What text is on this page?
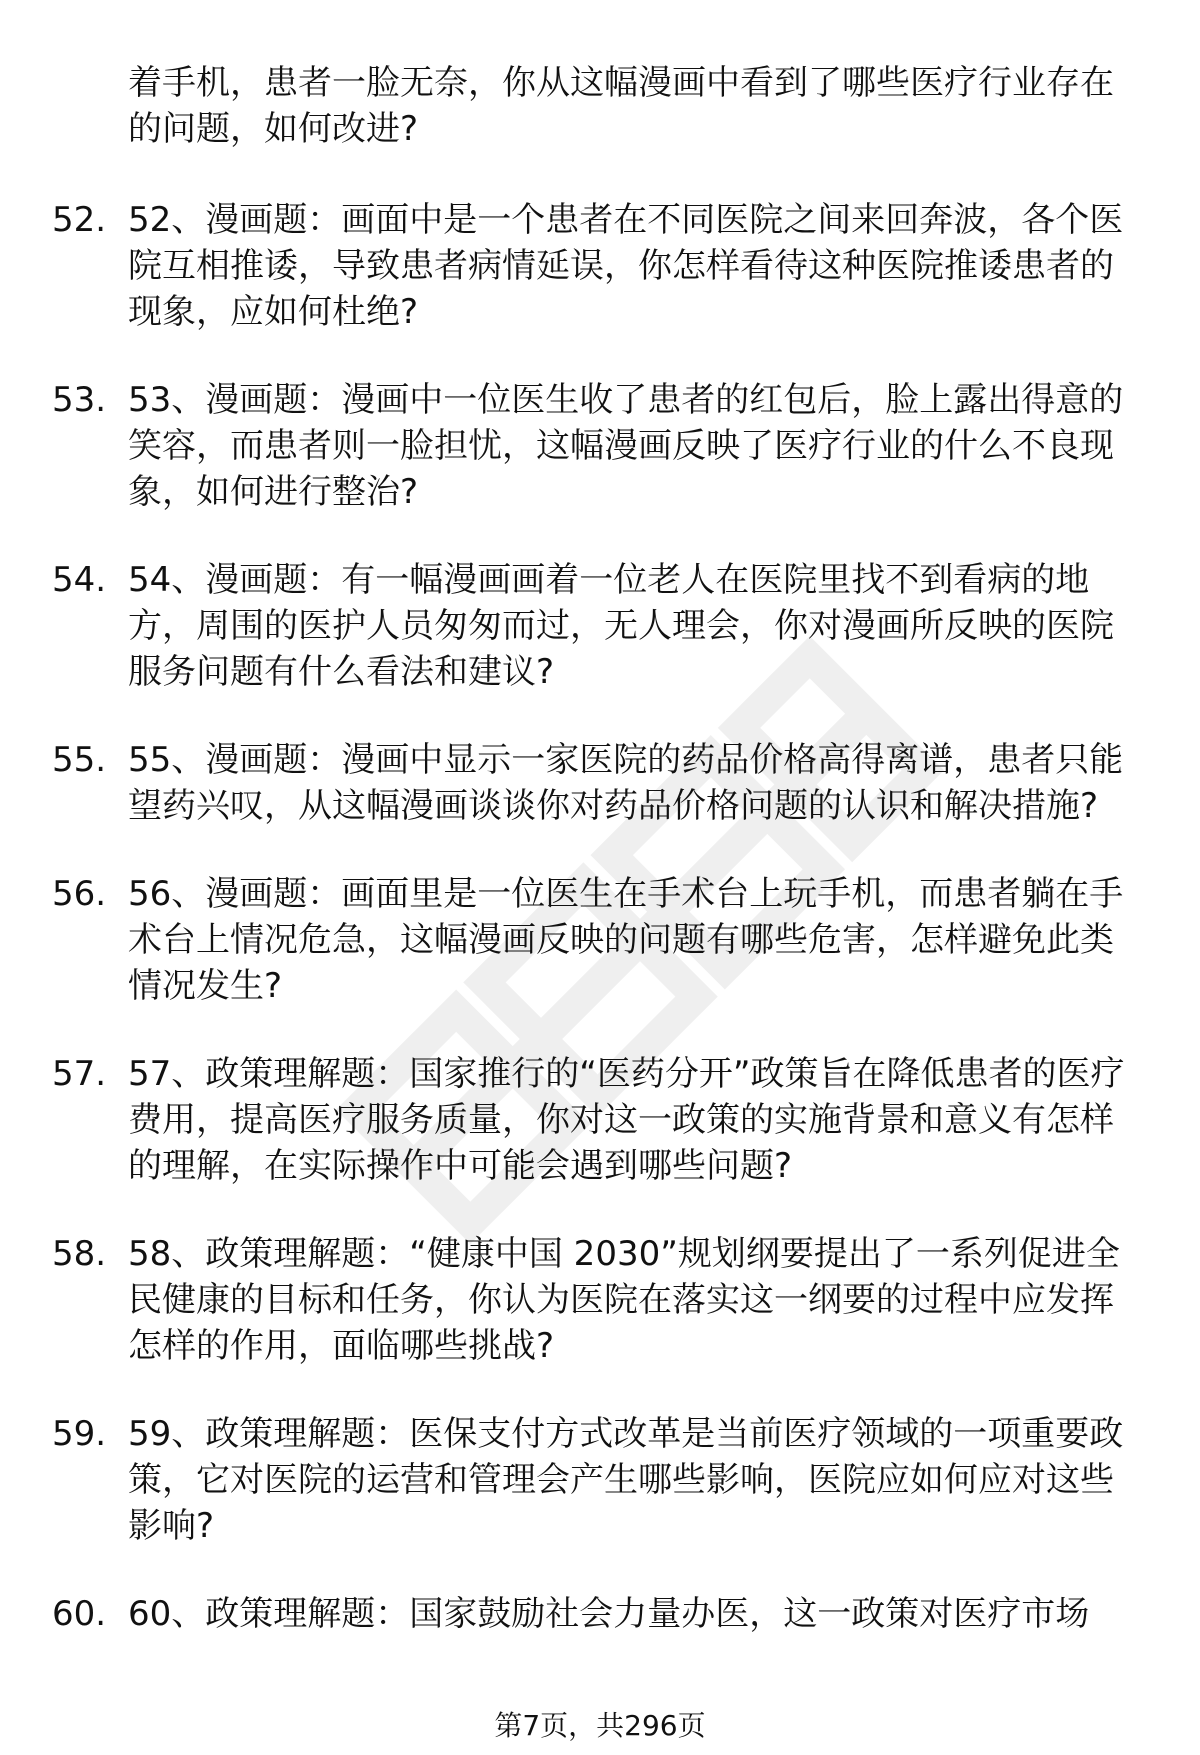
着手机，患者一脸无奈，你从这幅漫画中看到了哪些医疗行业存在的问题，如何改进?

52. 52、漫画题：画面中是一个患者在不同医院之间来回奔波，各个医院互相推诿，导致患者病情延误，你怎样看待这种医院推诿患者的现象，应如何杜绝?
53. 53、漫画题：漫画中一位医生收了患者的红包后，脸上露出得意的笑容，而患者则一脸担忧，这幅漫画反映了医疗行业的什么不良现象，如何进行整治?
54. 54、漫画题：有一幅漫画画着一位老人在医院里找不到看病的地方，周围的医护人员匆匆而过，无人理会，你对漫画所反映的医院服务问题有什么看法和建议?
55. 55、漫画题：漫画中显示一家医院的药品价格高得离谱，患者只能望药兴叹，从这幅漫画谈谈你对药品价格问题的认识和解决措施?
56. 56、漫画题：画面里是一位医生在手术台上玩手机，而患者躺在手术台上情况危急，这幅漫画反映的问题有哪些危害，怎样避免此类情况发生?
57. 57、政策理解题：国家推行的“医药分开”政策旨在降低患者的医疗费用，提高医疗服务质量，你对这一政策的实施背景和意义有怎样的理解，在实际操作中可能会遇到哪些问题?
58. 58、政策理解题：“健康中国 2030”规划纲要提出了一系列促进全民健康的目标和任务，你认为医院在落实这一纲要的过程中应发挥怎样的作用，面临哪些挑战?
59. 59、政策理解题：医保支付方式改革是当前医疗领域的一项重要政策，它对医院的运营和管理会产生哪些影响，医院应如何应对这些影响?
60. 60、政策理解题：国家鼓励社会力量办医，这一政策对医疗市场
第7页，共296页
